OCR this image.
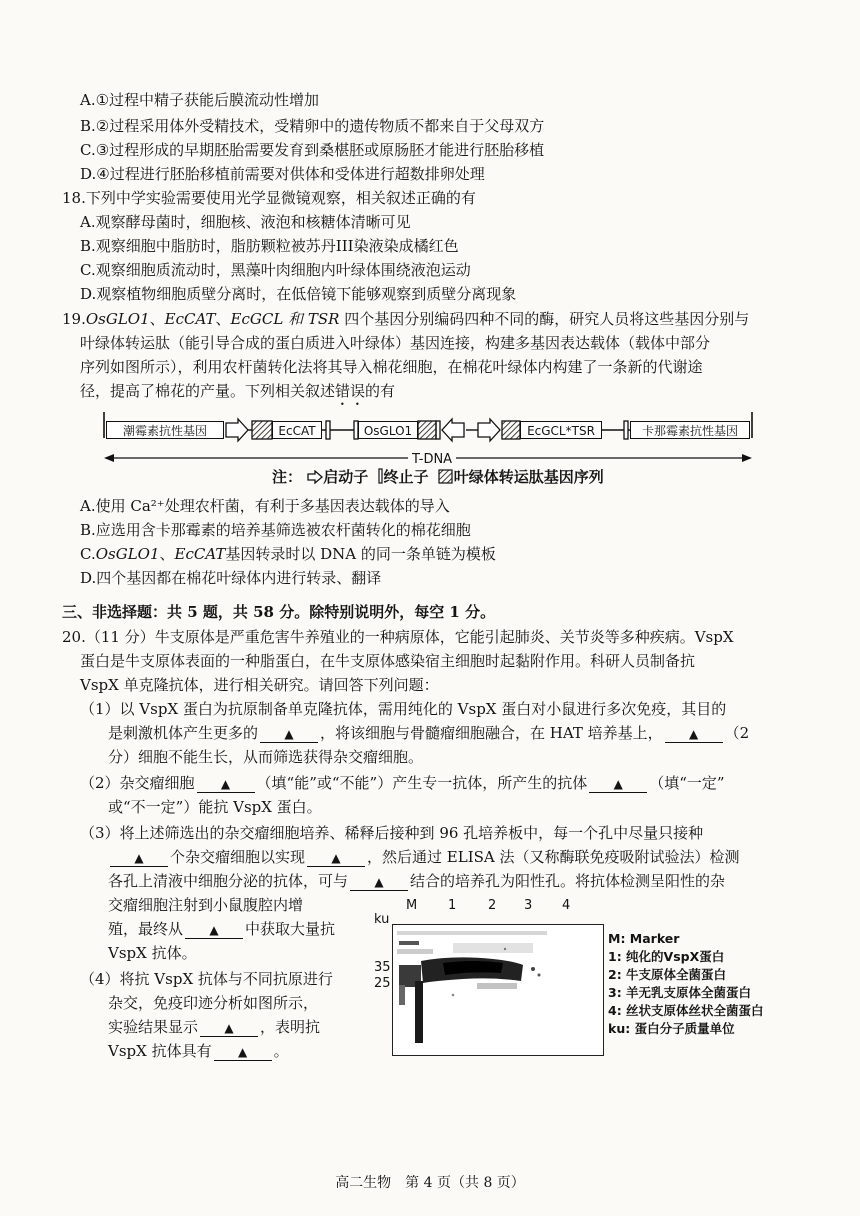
A.①过程中精子获能后膜流动性增加
B.②过程采用体外受精技术，受精卵中的遗传物质不都来自于父母双方
C.③过程形成的早期胚胎需要发育到桑椹胚或原肠胚才能进行胚胎移植
D.④过程进行胚胎移植前需要对供体和受体进行超数排卵处理
18.下列中学实验需要使用光学显微镜观察，相关叙述正确的有
A.观察酵母菌时，细胞核、液泡和核糖体清晰可见
B.观察细胞中脂肪时，脂肪颗粒被苏丹III染液染成橘红色
C.观察细胞质流动时，黑藻叶肉细胞内叶绿体围绕液泡运动
D.观察植物细胞质壁分离时，在低倍镜下能够观察到质壁分离现象
19.OsGLO1、EcCAT、EcGCL 和 TSR 四个基因分别编码四种不同的酶，研究人员将这些基因分别与
叶绿体转运肽（能引导合成的蛋白质进入叶绿体）基因连接，构建多基因表达载体（载体中部分
序列如图所示），利用农杆菌转化法将其导入棉花细胞，在棉花叶绿体内构建了一条新的代谢途
径，提高了棉花的产量。下列相关叙述错误的有
潮霉素抗性基因	EcCAT	OsGLO1	EcGCL*TSR	卡那霉素抗性基因
T-DNA
注： 启动子 终止子 叶绿体转运肽基因序列
A.使用 Ca²⁺处理农杆菌，有利于多基因表达载体的导入
B.应选用含卡那霉素的培养基筛选被农杆菌转化的棉花细胞
C.OsGLO1、EcCAT基因转录时以 DNA 的同一条单链为模板
D.四个基因都在棉花叶绿体内进行转录、翻译
三、非选择题：共 5 题，共 58 分。除特别说明外，每空 1 分。
20.（11 分）牛支原体是严重危害牛养殖业的一种病原体，它能引起肺炎、关节炎等多种疾病。VspX
蛋白是牛支原体表面的一种脂蛋白，在牛支原体感染宿主细胞时起黏附作用。科研人员制备抗
VspX 单克隆抗体，进行相关研究。请回答下列问题：
（1）以 VspX 蛋白为抗原制备单克隆抗体，需用纯化的 VspX 蛋白对小鼠进行多次免疫，其目的
是刺激机体产生更多的 ▲ ，将该细胞与骨髓瘤细胞融合，在 HAT 培养基上， ▲ （2
分）细胞不能生长，从而筛选获得杂交瘤细胞。
（2）杂交瘤细胞 ▲ （填“能”或“不能”）产生专一抗体，所产生的抗体 ▲ （填“一定”
或“不一定”）能抗 VspX 蛋白。
（3）将上述筛选出的杂交瘤细胞培养、稀释后接种到 96 孔培养板中，每一个孔中尽量只接种
▲ 个杂交瘤细胞以实现 ▲ ，然后通过 ELISA 法（又称酶联免疫吸附试验法）检测
各孔上清液中细胞分泌的抗体，可与 ▲ 结合的培养孔为阳性孔。将抗体检测呈阳性的杂
交瘤细胞注射到小鼠腹腔内增
殖，最终从 ▲ 中获取大量抗
VspX 抗体。
（4）将抗 VspX 抗体与不同抗原进行
杂交，免疫印迹分析如图所示，
实验结果显示 ▲ ，表明抗
VspX 抗体具有 ▲ 。
M 1 2 3 4
ku
35
25
M: Marker
1: 纯化的VspX蛋白
2: 牛支原体全菌蛋白
3: 羊无乳支原体全菌蛋白
4: 丝状支原体丝状全菌蛋白
ku: 蛋白分子质量单位
高二生物　第 4 页（共 8 页）
